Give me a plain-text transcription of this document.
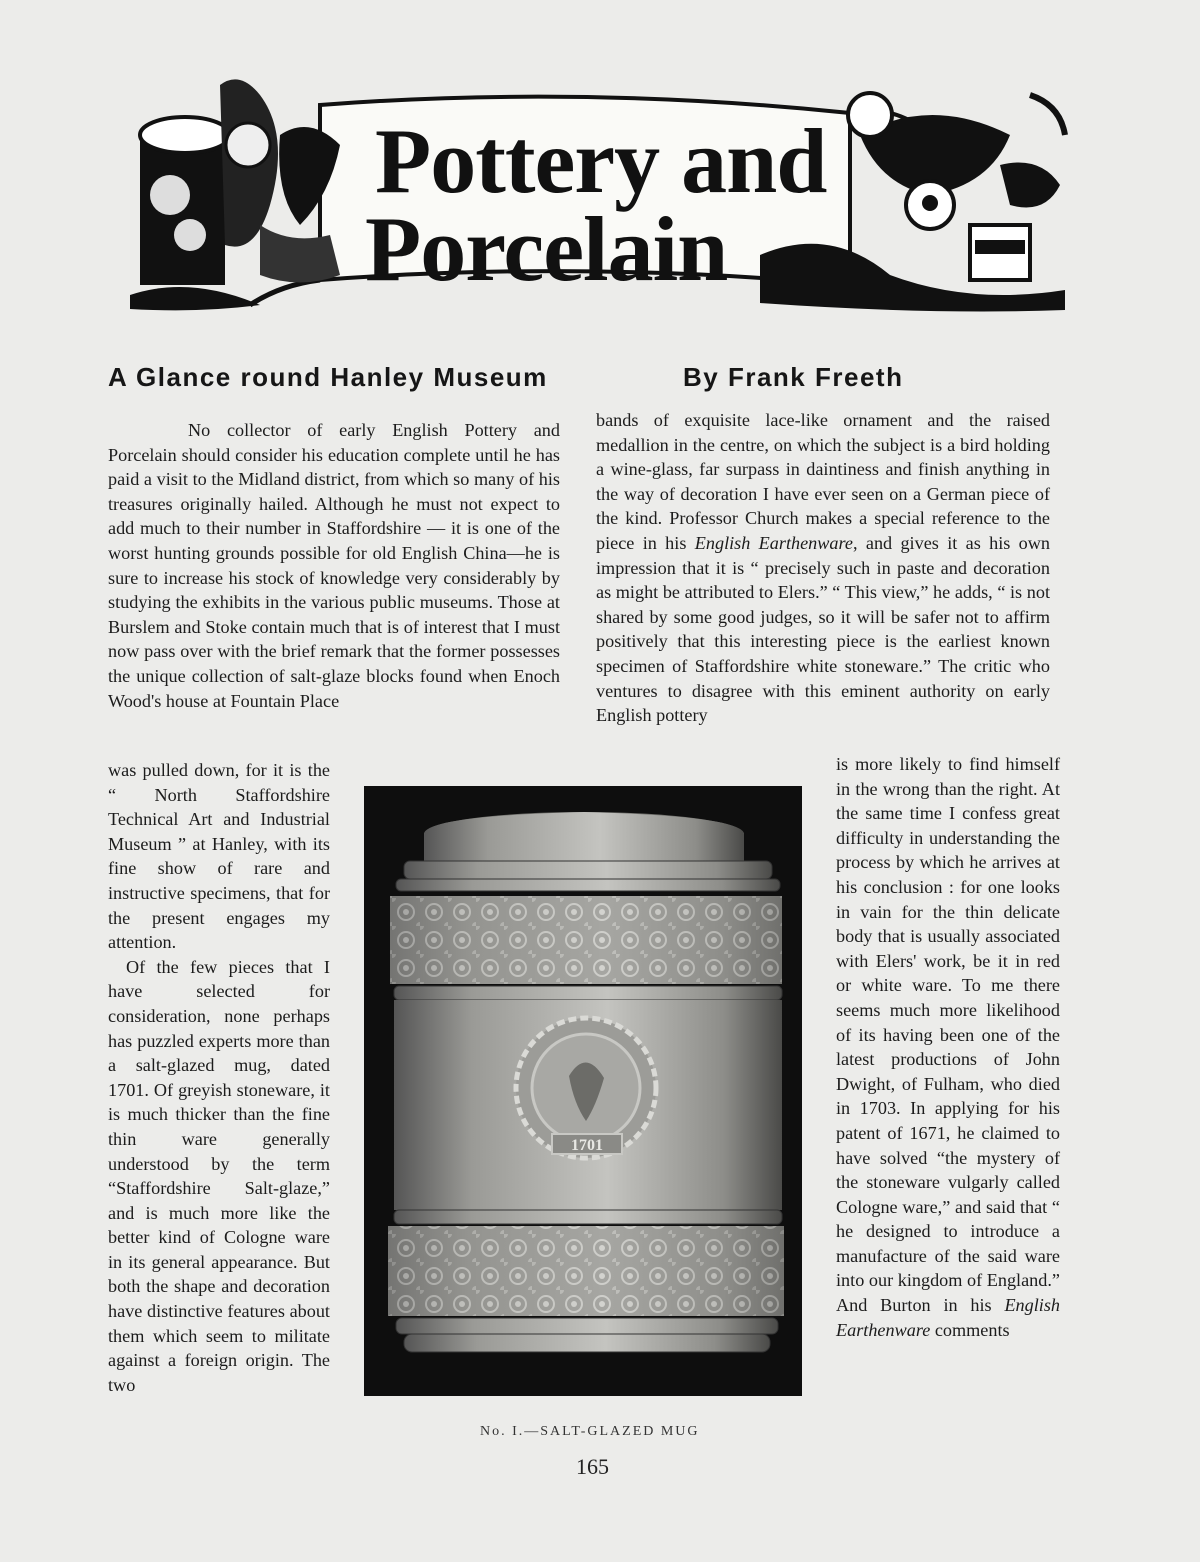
Pottery and
Porcelain
A Glance round Hanley Museum	By Frank Freeth

No collector of early English Pottery and Porcelain should consider his education complete until he has paid a visit to the Midland district, from which so many of his treasures originally hailed. Although he must not expect to add much to their number in Staffordshire — it is one of the worst hunting grounds possible for old English China—he is sure to increase his stock of knowledge very considerably by studying the exhibits in the various public museums. Those at Burslem and Stoke contain much that is of interest that I must now pass over with the brief remark that the former possesses the unique collection of salt-glaze blocks found when Enoch Wood's house at Fountain Place

was pulled down, for it is the “ North Staffordshire Technical Art and Industrial Museum ” at Hanley, with its fine show of rare and instructive specimens, that for the present engages my attention.

Of the few pieces that I have selected for consideration, none perhaps has puzzled experts more than a salt-glazed mug, dated 1701. Of greyish stoneware, it is much thicker than the fine thin ware generally understood by the term “Staffordshire Salt-glaze,” and is much more like the better kind of Cologne ware in its general appearance. But both the shape and decoration have distinctive features about them which seem to militate against a foreign origin. The two

bands of exquisite lace-like ornament and the raised medallion in the centre, on which the subject is a bird holding a wine-glass, far surpass in daintiness and finish anything in the way of decoration I have ever seen on a German piece of the kind. Professor Church makes a special reference to the piece in his English Earthenware, and gives it as his own impression that it is “ precisely such in paste and decoration as might be attributed to Elers.” “ This view,” he adds, “ is not shared by some good judges, so it will be safer not to affirm positively that this interesting piece is the earliest known specimen of Staffordshire white stoneware.” The critic who ventures to disagree with this eminent authority on early English pottery

is more likely to find himself in the wrong than the right. At the same time I confess great difficulty in understanding the process by which he arrives at his conclusion : for one looks in vain for the thin delicate body that is usually associated with Elers' work, be it in red or white ware. To me there seems much more likelihood of its having been one of the latest productions of John Dwight, of Fulham, who died in 1703. In applying for his patent of 1671, he claimed to have solved “the mystery of the stoneware vulgarly called Cologne ware,” and said that “ he designed to introduce a manufacture of the said ware into our kingdom of England.” And Burton in his English Earthenware comments

1701
No. I.—SALT-GLAZED MUG
165
